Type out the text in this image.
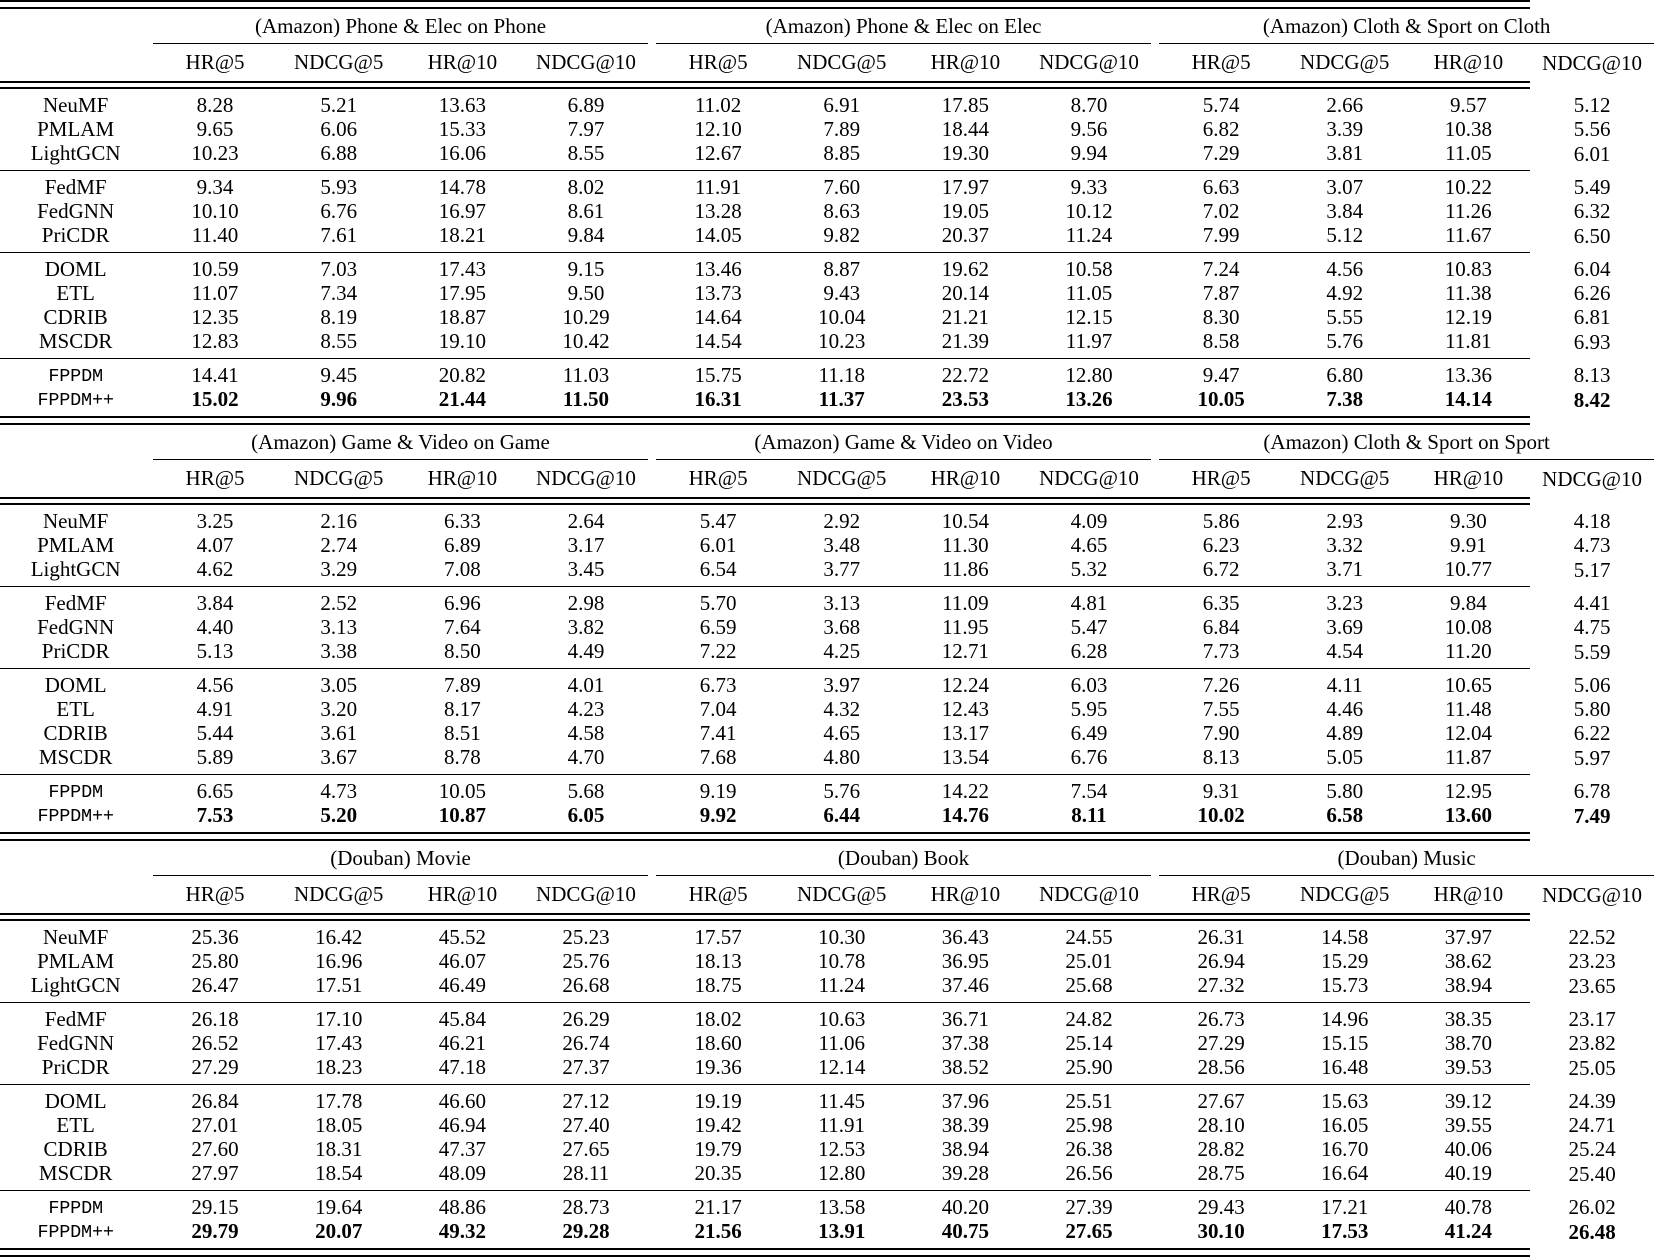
	(Amazon) Phone & Elec on Phone					(Amazon) Phone & Elec on Elec					(Amazon) Cloth & Sport on Cloth			

	HR@5	NDCG@5	HR@10	NDCG@10		HR@5	NDCG@5	HR@10	NDCG@10		HR@5	NDCG@5	HR@10	NDCG@10

NeuMF	8.28	5.21	13.63	6.89		11.02	6.91	17.85	8.70		5.74	2.66	9.57	5.12
PMLAM	9.65	6.06	15.33	7.97		12.10	7.89	18.44	9.56		6.82	3.39	10.38	5.56
LightGCN	10.23	6.88	16.06	8.55		12.67	8.85	19.30	9.94		7.29	3.81	11.05	6.01

FedMF	9.34	5.93	14.78	8.02		11.91	7.60	17.97	9.33		6.63	3.07	10.22	5.49
FedGNN	10.10	6.76	16.97	8.61		13.28	8.63	19.05	10.12		7.02	3.84	11.26	6.32
PriCDR	11.40	7.61	18.21	9.84		14.05	9.82	20.37	11.24		7.99	5.12	11.67	6.50

DOML	10.59	7.03	17.43	9.15		13.46	8.87	19.62	10.58		7.24	4.56	10.83	6.04
ETL	11.07	7.34	17.95	9.50		13.73	9.43	20.14	11.05		7.87	4.92	11.38	6.26
CDRIB	12.35	8.19	18.87	10.29		14.64	10.04	21.21	12.15		8.30	5.55	12.19	6.81
MSCDR	12.83	8.55	19.10	10.42		14.54	10.23	21.39	11.97		8.58	5.76	11.81	6.93

FPPDM	14.41	9.45	20.82	11.03		15.75	11.18	22.72	12.80		9.47	6.80	13.36	8.13
FPPDM++	15.02	9.96	21.44	11.50		16.31	11.37	23.53	13.26		10.05	7.38	14.14	8.42

	(Amazon) Game & Video on Game					(Amazon) Game & Video on Video					(Amazon) Cloth & Sport on Sport			

	HR@5	NDCG@5	HR@10	NDCG@10		HR@5	NDCG@5	HR@10	NDCG@10		HR@5	NDCG@5	HR@10	NDCG@10

NeuMF	3.25	2.16	6.33	2.64		5.47	2.92	10.54	4.09		5.86	2.93	9.30	4.18
PMLAM	4.07	2.74	6.89	3.17		6.01	3.48	11.30	4.65		6.23	3.32	9.91	4.73
LightGCN	4.62	3.29	7.08	3.45		6.54	3.77	11.86	5.32		6.72	3.71	10.77	5.17

FedMF	3.84	2.52	6.96	2.98		5.70	3.13	11.09	4.81		6.35	3.23	9.84	4.41
FedGNN	4.40	3.13	7.64	3.82		6.59	3.68	11.95	5.47		6.84	3.69	10.08	4.75
PriCDR	5.13	3.38	8.50	4.49		7.22	4.25	12.71	6.28		7.73	4.54	11.20	5.59

DOML	4.56	3.05	7.89	4.01		6.73	3.97	12.24	6.03		7.26	4.11	10.65	5.06
ETL	4.91	3.20	8.17	4.23		7.04	4.32	12.43	5.95		7.55	4.46	11.48	5.80
CDRIB	5.44	3.61	8.51	4.58		7.41	4.65	13.17	6.49		7.90	4.89	12.04	6.22
MSCDR	5.89	3.67	8.78	4.70		7.68	4.80	13.54	6.76		8.13	5.05	11.87	5.97

FPPDM	6.65	4.73	10.05	5.68		9.19	5.76	14.22	7.54		9.31	5.80	12.95	6.78
FPPDM++	7.53	5.20	10.87	6.05		9.92	6.44	14.76	8.11		10.02	6.58	13.60	7.49

	(Douban) Movie					(Douban) Book					(Douban) Music			

	HR@5	NDCG@5	HR@10	NDCG@10		HR@5	NDCG@5	HR@10	NDCG@10		HR@5	NDCG@5	HR@10	NDCG@10

NeuMF	25.36	16.42	45.52	25.23		17.57	10.30	36.43	24.55		26.31	14.58	37.97	22.52
PMLAM	25.80	16.96	46.07	25.76		18.13	10.78	36.95	25.01		26.94	15.29	38.62	23.23
LightGCN	26.47	17.51	46.49	26.68		18.75	11.24	37.46	25.68		27.32	15.73	38.94	23.65

FedMF	26.18	17.10	45.84	26.29		18.02	10.63	36.71	24.82		26.73	14.96	38.35	23.17
FedGNN	26.52	17.43	46.21	26.74		18.60	11.06	37.38	25.14		27.29	15.15	38.70	23.82
PriCDR	27.29	18.23	47.18	27.37		19.36	12.14	38.52	25.90		28.56	16.48	39.53	25.05

DOML	26.84	17.78	46.60	27.12		19.19	11.45	37.96	25.51		27.67	15.63	39.12	24.39
ETL	27.01	18.05	46.94	27.40		19.42	11.91	38.39	25.98		28.10	16.05	39.55	24.71
CDRIB	27.60	18.31	47.37	27.65		19.79	12.53	38.94	26.38		28.82	16.70	40.06	25.24
MSCDR	27.97	18.54	48.09	28.11		20.35	12.80	39.28	26.56		28.75	16.64	40.19	25.40

FPPDM	29.15	19.64	48.86	28.73		21.17	13.58	40.20	27.39		29.43	17.21	40.78	26.02
FPPDM++	29.79	20.07	49.32	29.28		21.56	13.91	40.75	27.65		30.10	17.53	41.24	26.48
